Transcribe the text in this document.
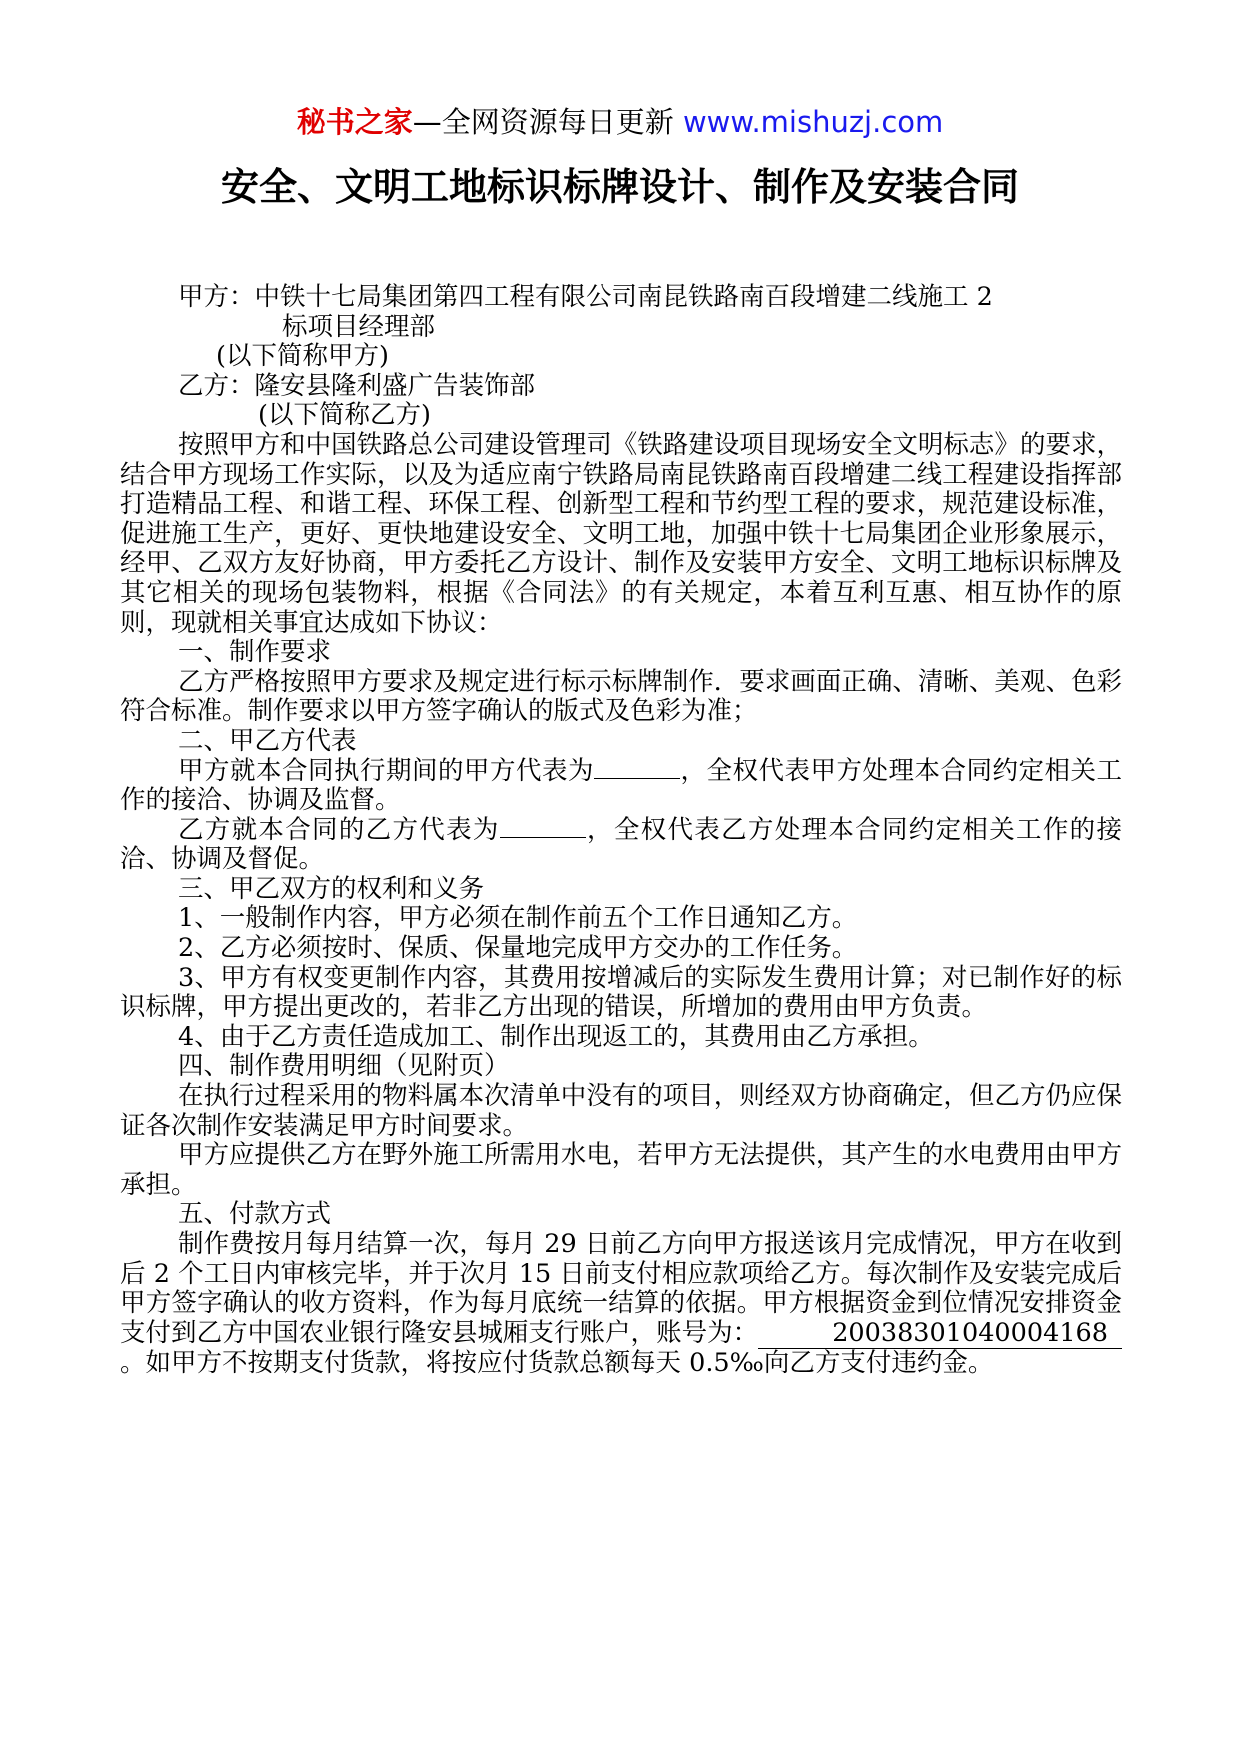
秘书之家—全网资源每日更新 www.mishuzj.com
安全、文明工地标识标牌设计、制作及安装合同

甲方：中铁十七局集团第四工程有限公司南昆铁路南百段增建二线施工 2

标项目经理部

(以下简称甲方)

乙方：隆安县隆利盛广告装饰部

(以下简称乙方)

按照甲方和中国铁路总公司建设管理司《铁路建设项目现场安全文明标志》的要求，结合甲方现场工作实际，以及为适应南宁铁路局南昆铁路南百段增建二线工程建设指挥部打造精品工程、和谐工程、环保工程、创新型工程和节约型工程的要求，规范建设标准，促进施工生产，更好、更快地建设安全、文明工地，加强中铁十七局集团企业形象展示，经甲、乙双方友好协商，甲方委托乙方设计、制作及安装甲方安全、文明工地标识标牌及其它相关的现场包装物料，根据《合同法》的有关规定，本着互利互惠、相互协作的原则，现就相关事宜达成如下协议：

一、制作要求

乙方严格按照甲方要求及规定进行标示标牌制作．要求画面正确、清晰、美观、色彩符合标准。制作要求以甲方签字确认的版式及色彩为准；

二、甲乙方代表

甲方就本合同执行期间的甲方代表为	，全权代表甲方处理本合同约定相关工作的接洽、协调及监督。

乙方就本合同的乙方代表为	，全权代表乙方处理本合同约定相关工作的接洽、协调及督促。

三、甲乙双方的权利和义务

1、一般制作内容，甲方必须在制作前五个工作日通知乙方。

2、乙方必须按时、保质、保量地完成甲方交办的工作任务。

3、甲方有权变更制作内容，其费用按增减后的实际发生费用计算；对已制作好的标识标牌，甲方提出更改的，若非乙方出现的错误，所增加的费用由甲方负责。

4、由于乙方责任造成加工、制作出现返工的，其费用由乙方承担。

四、制作费用明细（见附页）

在执行过程采用的物料属本次清单中没有的项目，则经双方协商确定，但乙方仍应保证各次制作安装满足甲方时间要求。

甲方应提供乙方在野外施工所需用水电，若甲方无法提供，其产生的水电费用由甲方承担。

五、付款方式

制作费按月每月结算一次，每月 29 日前乙方向甲方报送该月完成情况，甲方在收到后 2 个工日内审核完毕，并于次月 15 日前支付相应款项给乙方。每次制作及安装完成后甲方签字确认的收方资料，作为每月底统一结算的依据。甲方根据资金到位情况安排资金支付到乙方中国农业银行隆安县城厢支行账户，账号为：	20038301040004168。如甲方不按期支付货款，将按应付货款总额每天 0.5‰向乙方支付违约金。
